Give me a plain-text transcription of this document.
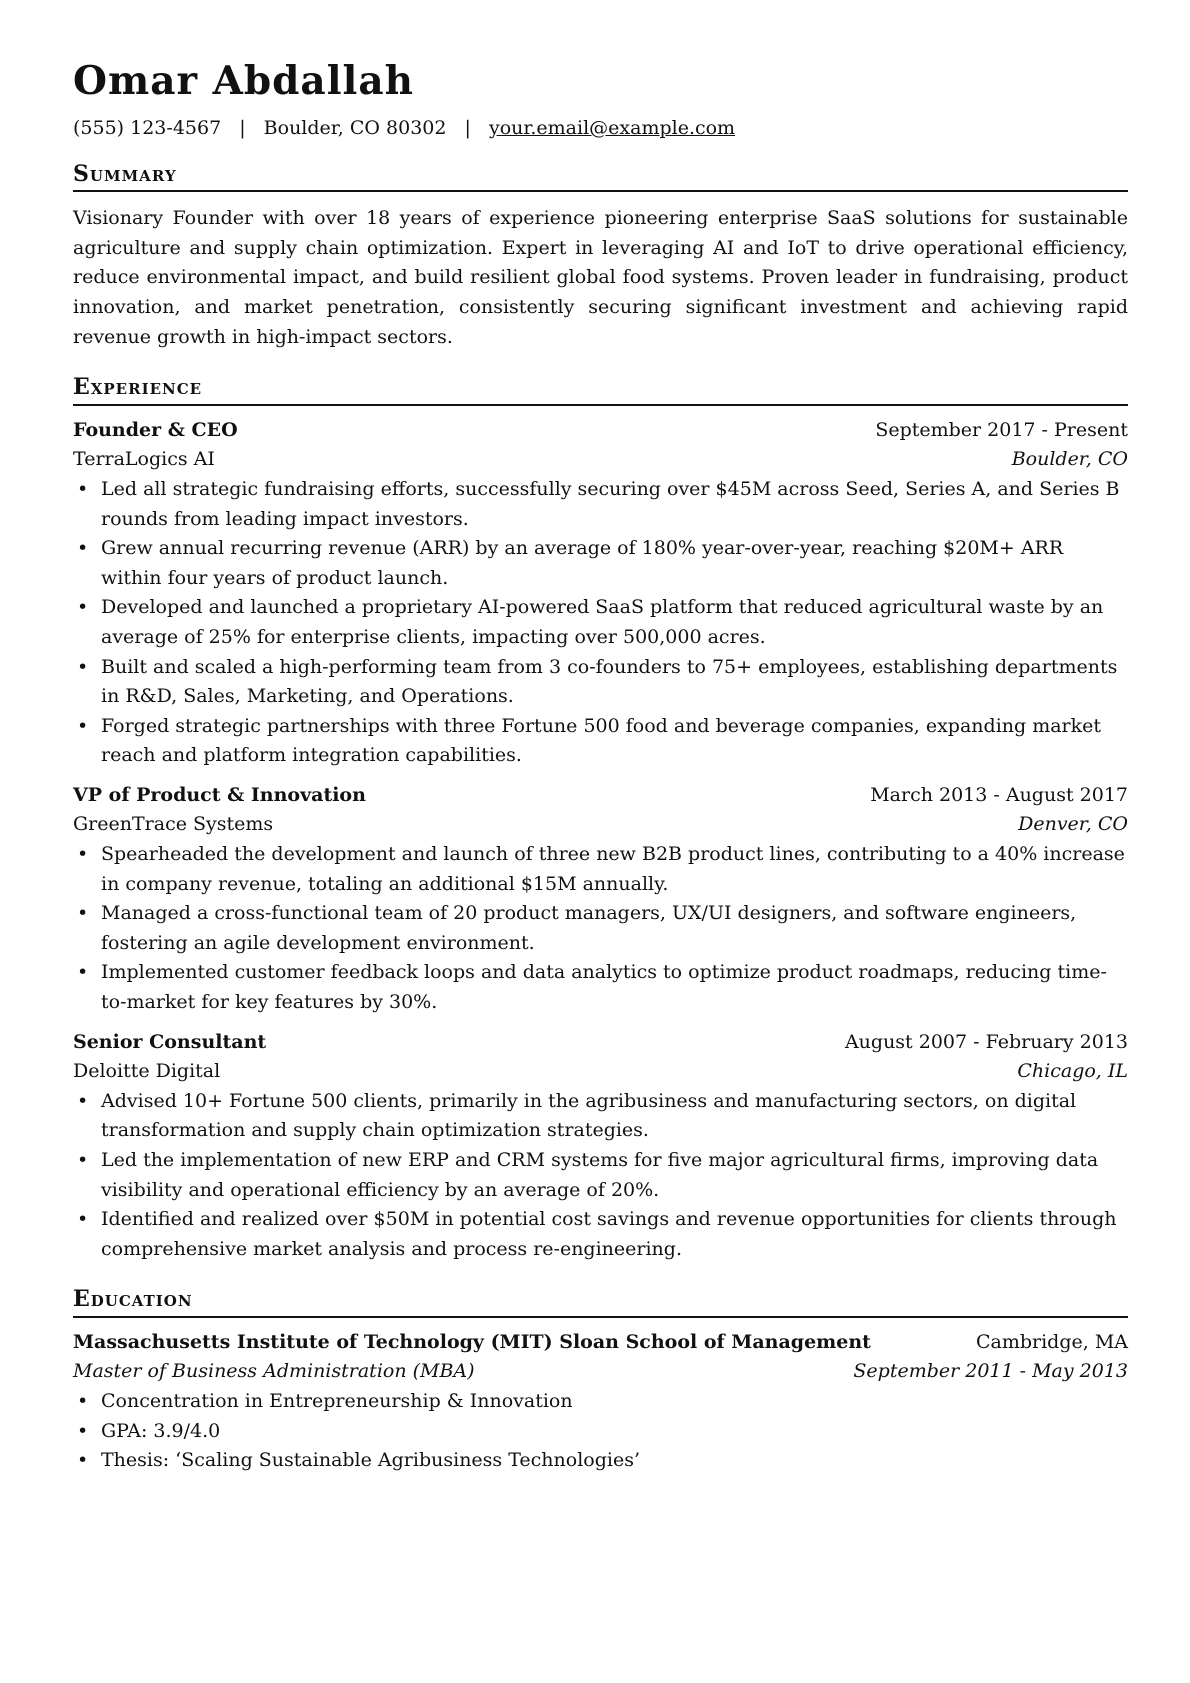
Omar Abdallah
(555) 123-4567 | Boulder, CO 80302 | your.email@example.com
Summary
Visionary Founder with over 18 years of experience pioneering enterprise SaaS solutions for sustainable agriculture and supply chain optimization. Expert in leveraging AI and IoT to drive operational efficiency, reduce environmental impact, and build resilient global food systems. Proven leader in fundraising, product innovation, and market penetration, consistently securing significant investment and achieving rapid revenue growth in high-impact sectors.
Experience
Founder & CEO	September 2017 - Present
TerraLogics AI	Boulder, CO
• Led all strategic fundraising efforts, successfully securing over $45M across Seed, Series A, and Series B rounds from leading impact investors.
• Grew annual recurring revenue (ARR) by an average of 180% year-over-year, reaching $20M+ ARR within four years of product launch.
• Developed and launched a proprietary AI-powered SaaS platform that reduced agricultural waste by an average of 25% for enterprise clients, impacting over 500,000 acres.
• Built and scaled a high-performing team from 3 co-founders to 75+ employees, establishing departments in R&D, Sales, Marketing, and Operations.
• Forged strategic partnerships with three Fortune 500 food and beverage companies, expanding market reach and platform integration capabilities.
VP of Product & Innovation	March 2013 - August 2017
GreenTrace Systems	Denver, CO
• Spearheaded the development and launch of three new B2B product lines, contributing to a 40% increase in company revenue, totaling an additional $15M annually.
• Managed a cross-functional team of 20 product managers, UX/UI designers, and software engineers, fostering an agile development environment.
• Implemented customer feedback loops and data analytics to optimize product roadmaps, reducing time-to-market for key features by 30%.
Senior Consultant	August 2007 - February 2013
Deloitte Digital	Chicago, IL
• Advised 10+ Fortune 500 clients, primarily in the agribusiness and manufacturing sectors, on digital transformation and supply chain optimization strategies.
• Led the implementation of new ERP and CRM systems for five major agricultural firms, improving data visibility and operational efficiency by an average of 20%.
• Identified and realized over $50M in potential cost savings and revenue opportunities for clients through comprehensive market analysis and process re-engineering.
Education
Massachusetts Institute of Technology (MIT) Sloan School of Management	Cambridge, MA
Master of Business Administration (MBA)	September 2011 - May 2013
• Concentration in Entrepreneurship & Innovation
• GPA: 3.9/4.0
• Thesis: ‘Scaling Sustainable Agribusiness Technologies’
